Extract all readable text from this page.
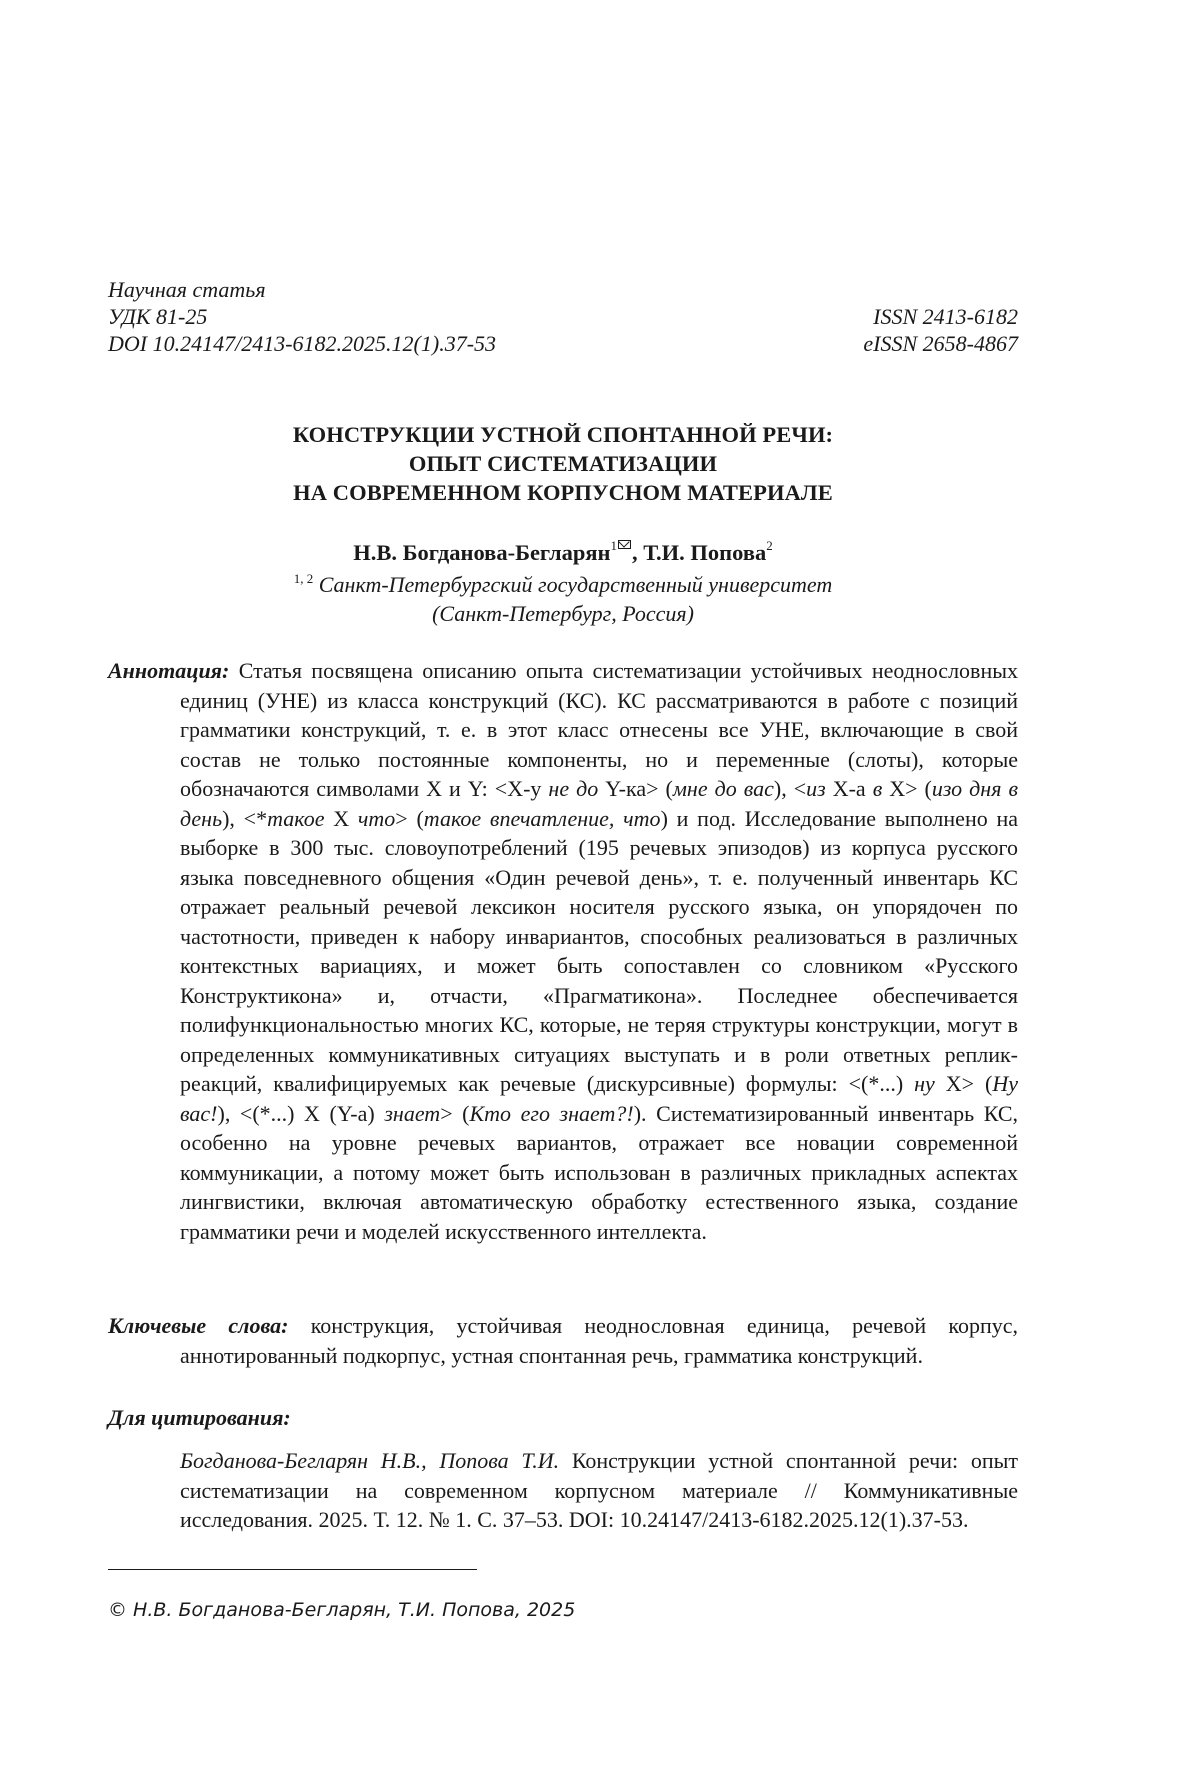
Научная статья
УДК 81-25	ISSN 2413-6182
DOI 10.24147/2413-6182.2025.12(1).37-53	eISSN 2658-4867
КОНСТРУКЦИИ УСТНОЙ СПОНТАННОЙ РЕЧИ:
ОПЫТ СИСТЕМАТИЗАЦИИ
НА СОВРЕМЕННОМ КОРПУСНОМ МАТЕРИАЛЕ
Н.В. Богданова-Бегларян$^1$ , Т.И. Попова$^2$
$^{1, 2}$ Санкт-Петербургский государственный университет
(Санкт-Петербург, Россия)
Аннотация: Статья посвящена описанию опыта систематизации устойчивых неоднословных единиц (УНЕ) из класса конструкций (КС). КС рассматриваются в работе с позиций грамматики конструкций, т. е. в этот класс отнесены все УНЕ, включающие в свой состав не только постоянные компоненты, но и переменные (слоты), которые обозначаются символами X и Y: <X-у не до Y-ка> (мне до вас), <из X-а в X> (изо дня в день), <*такое X что> (такое впечатление, что) и под. Исследование выполнено на выборке в 300 тыс. словоупотреблений (195 речевых эпизодов) из корпуса русского языка повседневного общения «Один речевой день», т. е. полученный инвентарь КС отражает реальный речевой лексикон носителя русского языка, он упорядочен по частотности, приведен к набору инвариантов, способных реализоваться в различных контекстных вариациях, и может быть сопоставлен со словником «Русского Конструктикона» и, отчасти, «Прагматикона». Последнее обеспечивается полифункциональностью многих КС, которые, не теряя структуры конструкции, могут в определенных коммуникативных ситуациях выступать и в роли ответных реплик-реакций, квалифицируемых как речевые (дискурсивные) формулы: <(*...) ну X> (Ну вас!), <(*...) X (Y-а) знает> (Кто его знает?!). Систематизированный инвентарь КС, особенно на уровне речевых вариантов, отражает все новации современной коммуникации, а потому может быть использован в различных прикладных аспектах лингвистики, включая автоматическую обработку естественного языка, создание грамматики речи и моделей искусственного интеллекта.
Ключевые слова: конструкция, устойчивая неоднословная единица, речевой корпус, аннотированный подкорпус, устная спонтанная речь, грамматика конструкций.
Для цитирования:
Богданова-Бегларян Н.В., Попова Т.И. Конструкции устной спонтанной речи: опыт систематизации на современном корпусном материале // Коммуникативные исследования. 2025. Т. 12. № 1. С. 37–53. DOI: 10.24147/2413-6182.2025.12(1).37-53.
© Н.В. Богданова-Бегларян, Т.И. Попова, 2025
